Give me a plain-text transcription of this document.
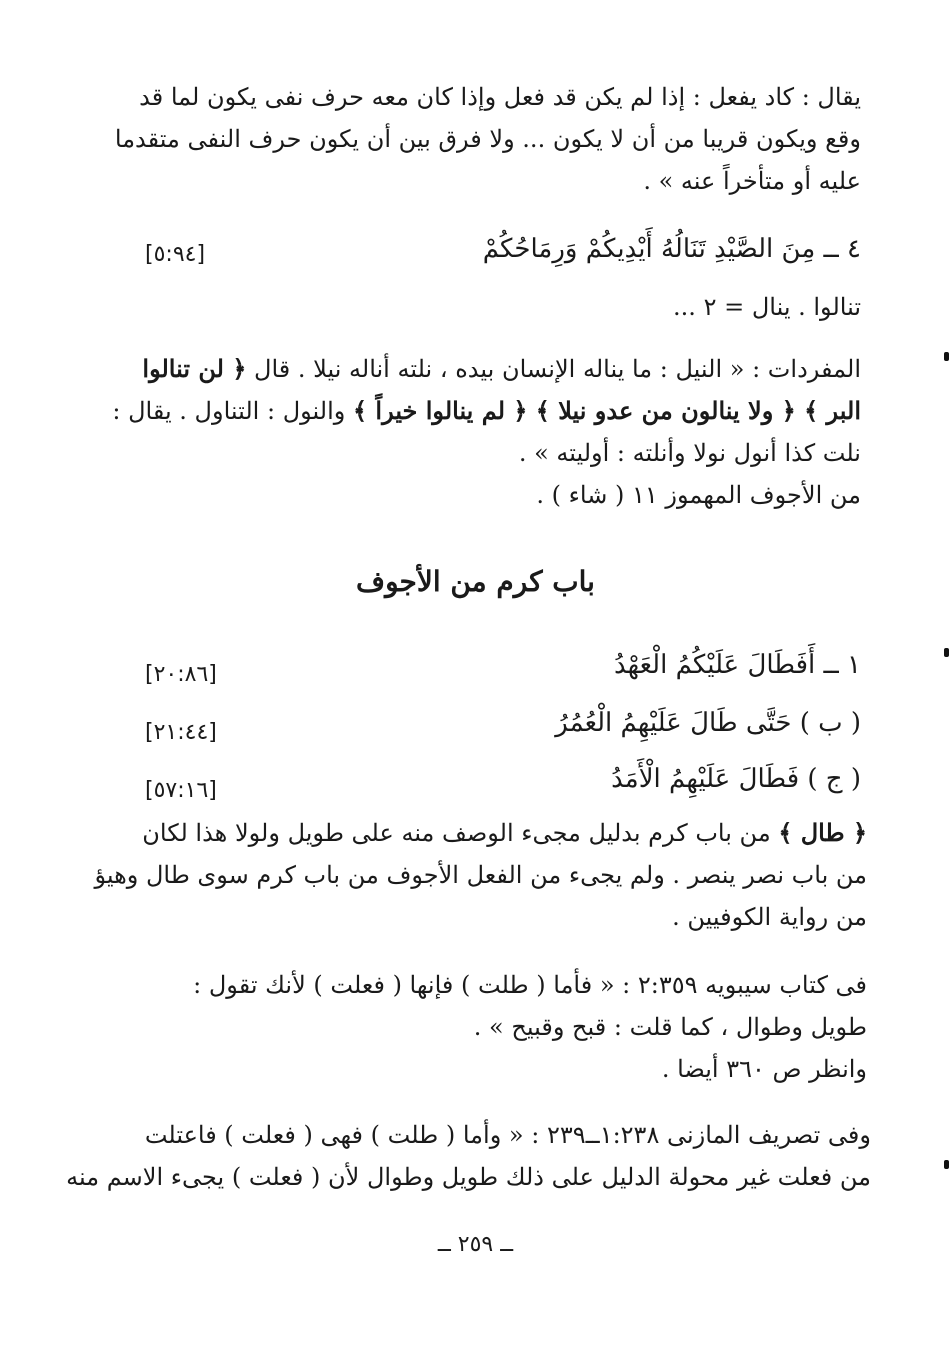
يقال : كاد يفعل : إذا لم يكن قد فعل وإذا كان معه حرف نفى يكون لما قد

وقع ويكون قريبا من أن لا يكون ... ولا فرق بين أن يكون حرف النفى متقدما

عليه أو متأخراً عنه » .

٤ ــ مِنَ الصَّيْدِ تَنَالُهُ أَيْدِيكُمْ وَرِمَاحُكُمْ
[٥:٩٤]
تنالوا . ينال = ٢ ...

المفردات : « النيل : ما يناله الإنسان بيده ، نلته أناله نيلا . قال ﴿ لن تنالوا

البر ﴾ ﴿ ولا ينالون من عدو نيلا ﴾ ﴿ لم ينالوا خيراً ﴾ والنول : التناول . يقال :

نلت كذا أنول نولا وأنلته : أوليته » .

من الأجوف المهموز ١١ ( شاء ) .

باب كرم من الأجوف
١ ــ أَفَطَالَ عَلَيْكُمُ الْعَهْدُ
[٢٠:٨٦]
( ب ) حَتَّى طَالَ عَلَيْهِمُ الْعُمُرُ
[٢١:٤٤]
( ج ) فَطَالَ عَلَيْهِمُ الْأَمَدُ
[٥٧:١٦]

﴿ طال ﴾ من باب كرم بدليل مجىء الوصف منه على طويل ولولا هذا لكان

من باب نصر ينصر . ولم يجىء من الفعل الأجوف من باب كرم سوى طال وهيؤ

من رواية الكوفيين .

فى كتاب سيبويه ٢:٣٥٩ : « فأما ( طلت ) فإنها ( فعلت ) لأنك تقول :

طويل وطوال ، كما قلت : قبح وقبيح » .

وانظر ص ٣٦٠ أيضا .

وفى تصريف المازنى ١:٢٣٨ــ٢٣٩ : « وأما ( طلت ) فهى ( فعلت ) فاعتلت

من فعلت غير محولة الدليل على ذلك طويل وطوال لأن ( فعلت ) يجىء الاسم منه

ــ ٢٥٩ ــ
